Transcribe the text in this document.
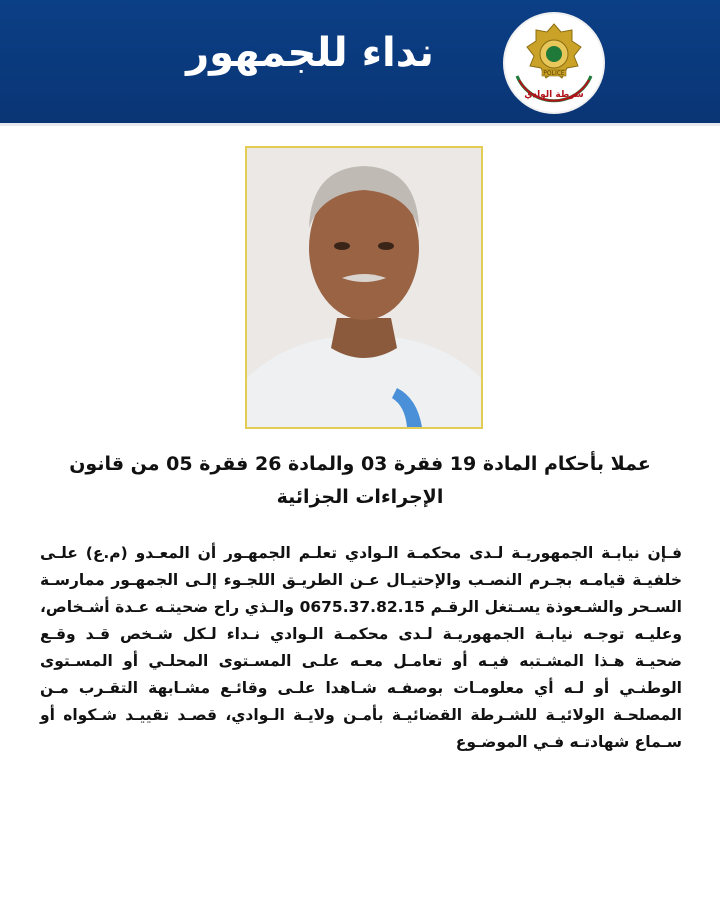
نداء للجمهور	POLICE
شرطة الوادي
عملا بأحكام المادة 19 فقرة 03 والمادة 26 فقرة 05 من قانون الإجراءات الجزائية
فـإن نيابـة الجمهوريـة لـدى محكمـة الـوادي تعلـم الجمهـور أن المعـدو (م.ع) علـى خلفيـة قيامـه بجـرم النصـب والإحتيـال عـن الطريـق اللجـوء إلـى الجمهـور ممارسـة السـحر والشـعوذة يسـتغل الرقـم 0675.37.82.15 والـذي راح ضحيتـه عـدة أشـخاص، وعليـه توجـه نيابـة الجمهوريـة لـدى محكمـة الـوادي نـداء لـكل شـخص قـد وقـع ضحيـة هـذا المشـتبه فيـه أو تعامـل معـه علـى المسـتوى المحلـي أو المسـتوى الوطنـي أو لـه أي معلومـات بوصفـه شـاهدا علـى وقائـع مشـابهة التقـرب مـن المصلحـة الولائيـة للشـرطة القضائيـة بأمـن ولايـة الـوادي، قصـد تقييـد شـكواه أو سـماع شهادتـه فـي الموضـوع
